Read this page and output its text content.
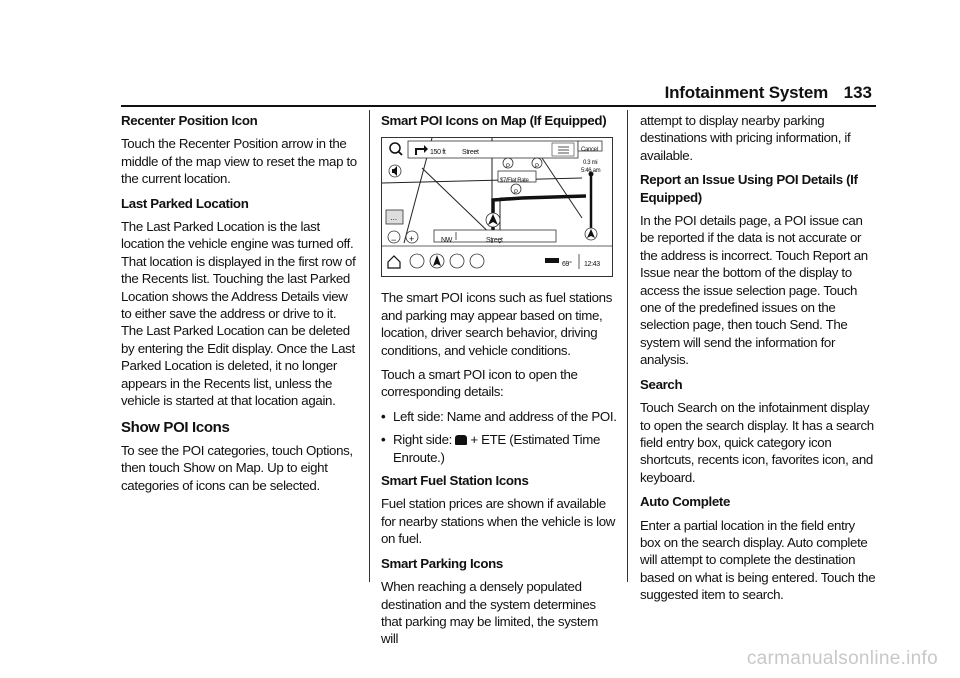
Infotainment System 133

Recenter Position Icon

Touch the Recenter Position arrow in the middle of the map view to reset the map to the current location.

Last Parked Location

The Last Parked Location is the last location the vehicle engine was turned off. That location is displayed in the first row of the Recents list. Touching the last Parked Location shows the Address Details view to either save the address or drive to it. The Last Parked Location can be deleted by entering the Edit display. Once the Last Parked Location is deleted, it no longer appears in the Recents list, unless the vehicle is started at that location again.

Show POI Icons

To see the POI categories, touch Options, then touch Show on Map. Up to eight categories of icons can be selected.

Smart POI Icons on Map (If Equipped)

150 ft Street	Cancel
0.3 mi
5:46 am
$7/Flat Rate
P	P
P
NW	Street
···
− +
69° 12:43

The smart POI icons such as fuel stations and parking may appear based on time, location, driver search behavior, driving conditions, and vehicle conditions.

Touch a smart POI icon to open the corresponding details:

• Left side: Name and address of the POI.
• Right side: + ETE (Estimated Time Enroute.)

Smart Fuel Station Icons

Fuel station prices are shown if available for nearby stations when the vehicle is low on fuel.

Smart Parking Icons

When reaching a densely populated destination and the system determines that parking may be limited, the system will

attempt to display nearby parking destinations with pricing information, if available.

Report an Issue Using POI Details (If Equipped)

In the POI details page, a POI issue can be reported if the data is not accurate or the address is incorrect. Touch Report an Issue near the bottom of the display to access the issue selection page. Touch one of the predefined issues on the selection page, then touch Send. The system will send the information for analysis.

Search

Touch Search on the infotainment display to open the search display. It has a search field entry box, quick category icon shortcuts, recents icon, favorites icon, and keyboard.

Auto Complete

Enter a partial location in the field entry box on the search display. Auto complete will attempt to complete the destination based on what is being entered. Touch the suggested item to search.

carmanualsonline.info
